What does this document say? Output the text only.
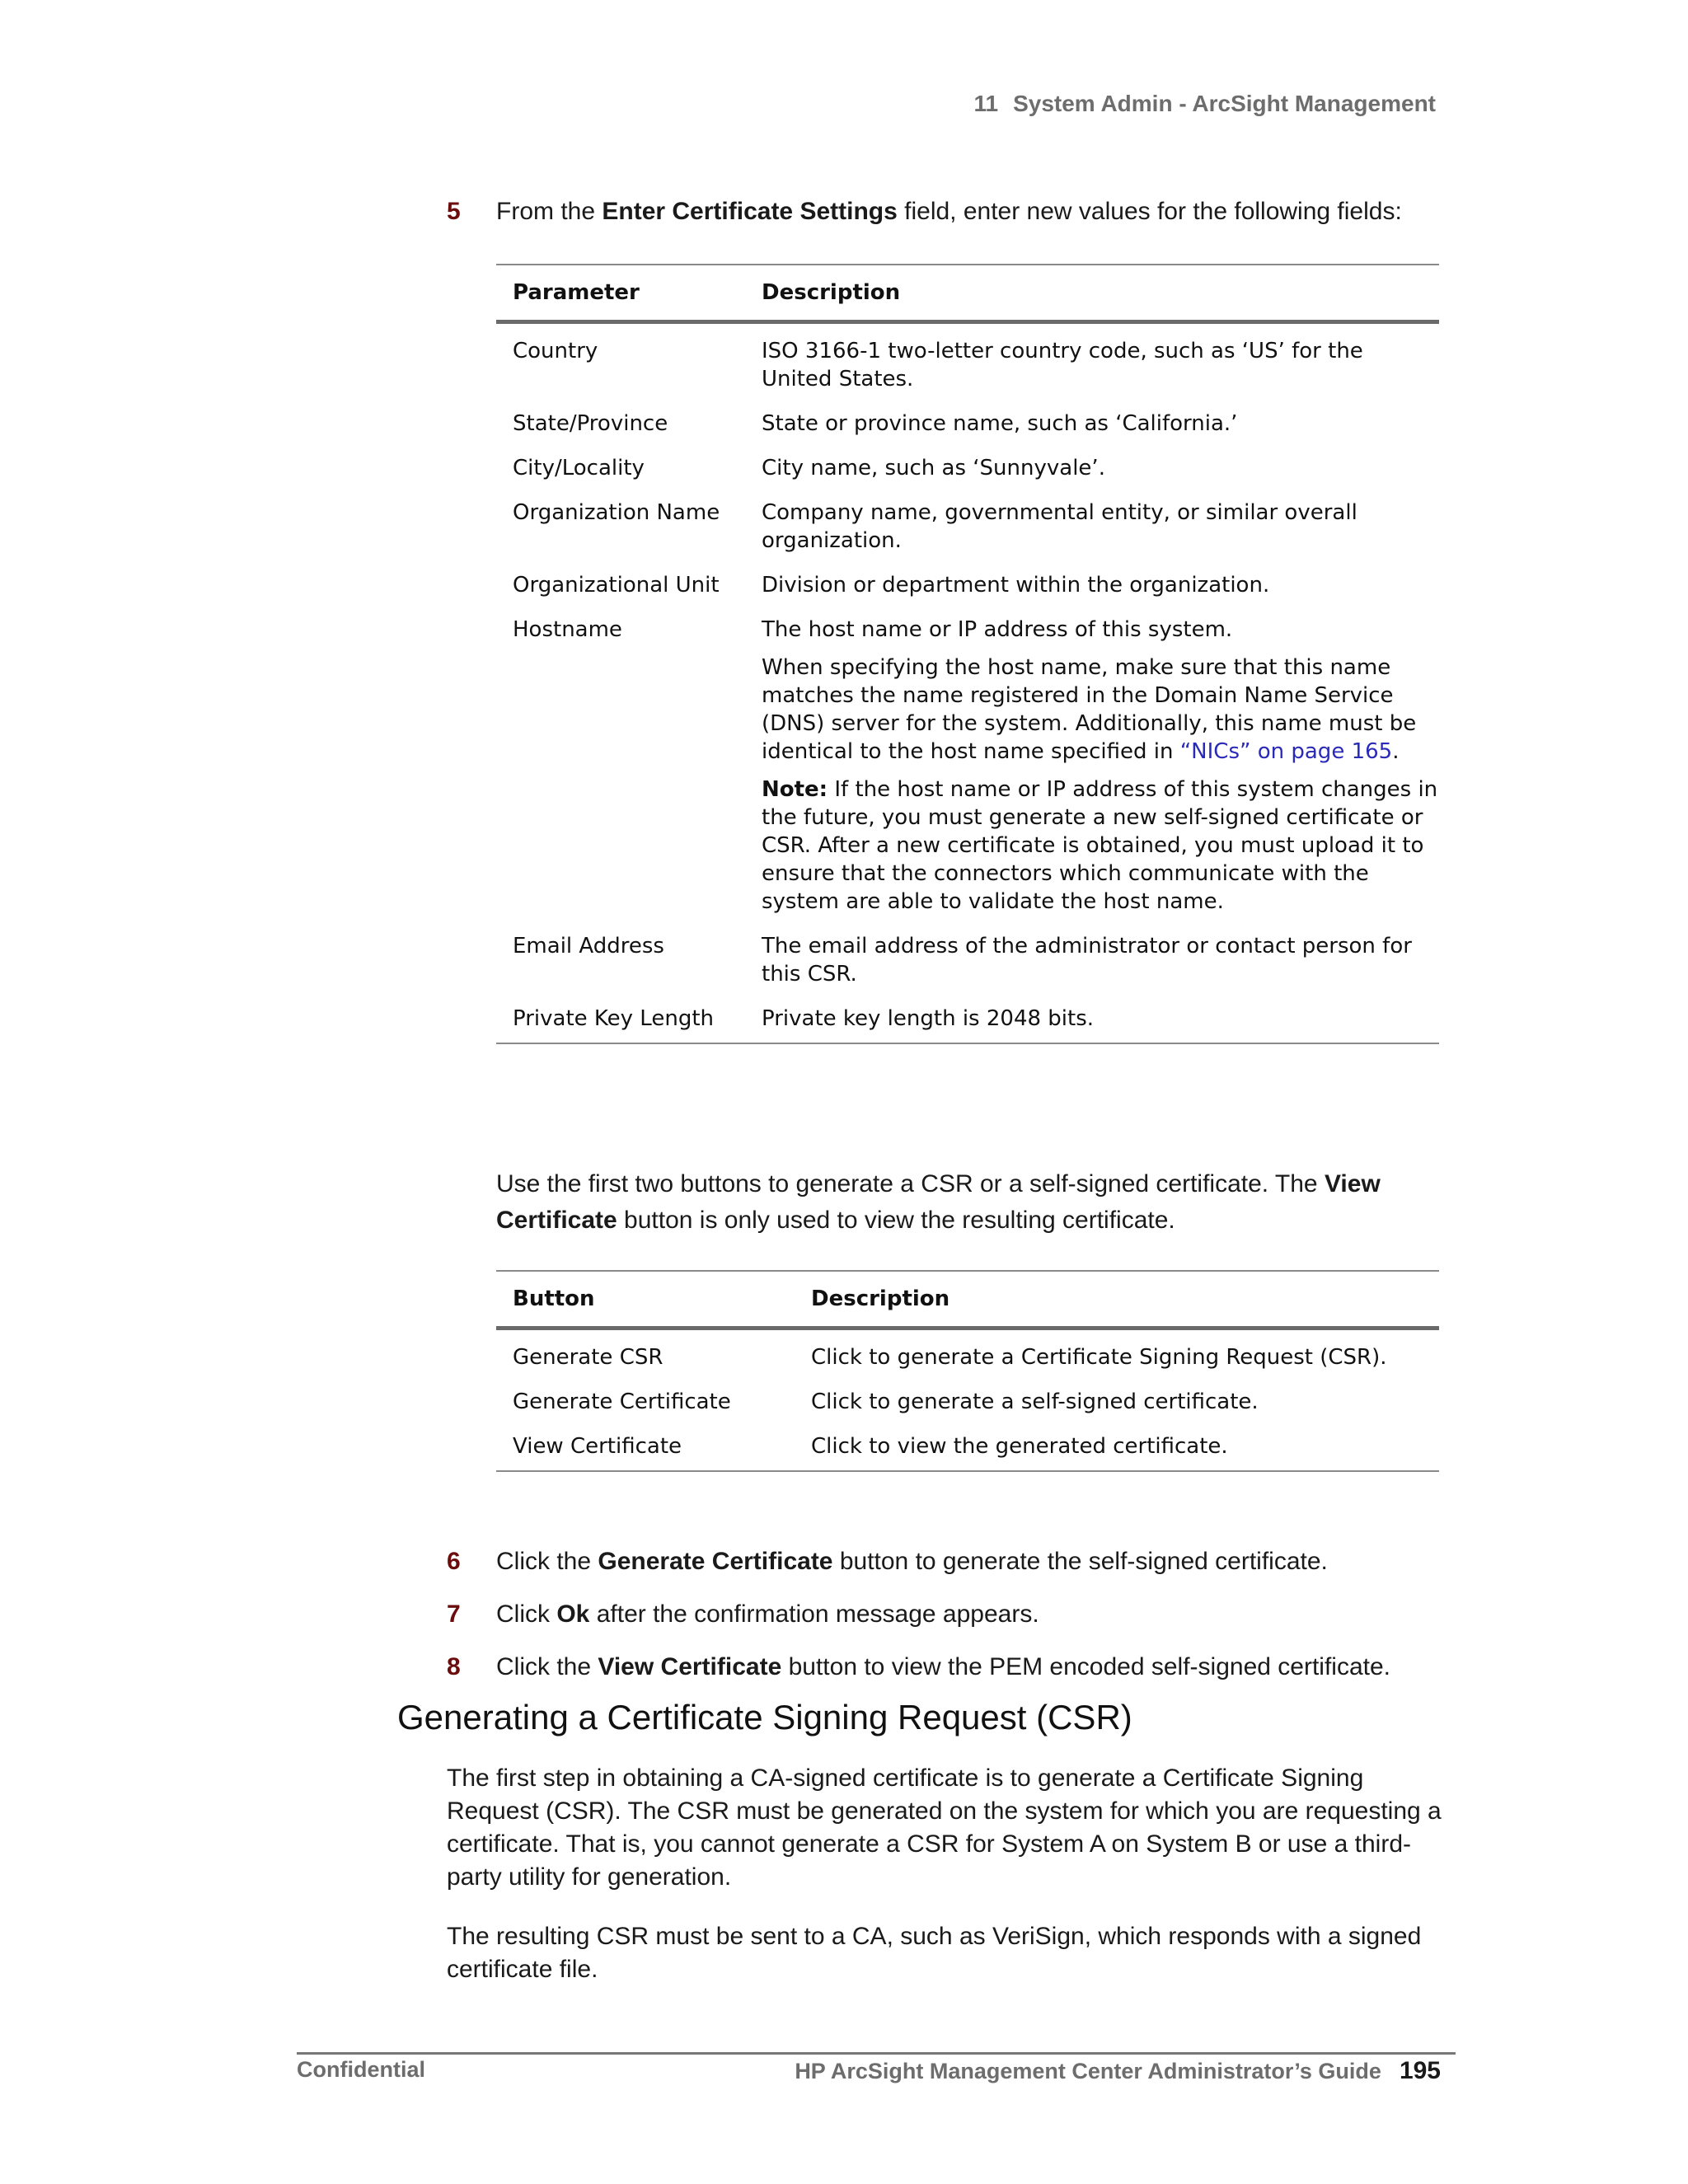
11 System Admin - ArcSight Management
5 From the Enter Certificate Settings field, enter new values for the following fields:
Parameter	Description
Country	ISO 3166-1 two-letter country code, such as ‘US’ for the United States.
State/Province	State or province name, such as ‘California.’
City/Locality	City name, such as ‘Sunnyvale’.
Organization Name	Company name, governmental entity, or similar overall organization.
Organizational Unit	Division or department within the organization.
Hostname	The host name or IP address of this system.

When specifying the host name, make sure that this name matches the name registered in the Domain Name Service (DNS) server for the system. Additionally, this name must be identical to the host name specified in “NICs” on page 165.

Note: If the host name or IP address of this system changes in the future, you must generate a new self-signed certificate or CSR. After a new certificate is obtained, you must upload it to ensure that the connectors which communicate with the system are able to validate the host name.

Email Address	The email address of the administrator or contact person for this CSR.
Private Key Length	Private key length is 2048 bits.
Use the first two buttons to generate a CSR or a self-signed certificate. The View Certificate button is only used to view the resulting certificate.
Button	Description
Generate CSR	Click to generate a Certificate Signing Request (CSR).
Generate Certificate	Click to generate a self-signed certificate.
View Certificate	Click to view the generated certificate.
6 Click the Generate Certificate button to generate the self-signed certificate.
7 Click Ok after the confirmation message appears.
8 Click the View Certificate button to view the PEM encoded self-signed certificate.
Generating a Certificate Signing Request (CSR)
The first step in obtaining a CA-signed certificate is to generate a Certificate Signing Request (CSR). The CSR must be generated on the system for which you are requesting a certificate. That is, you cannot generate a CSR for System A on System B or use a third-party utility for generation.
The resulting CSR must be sent to a CA, such as VeriSign, which responds with a signed certificate file.
Confidential	HP ArcSight Management Center Administrator’s Guide 195
